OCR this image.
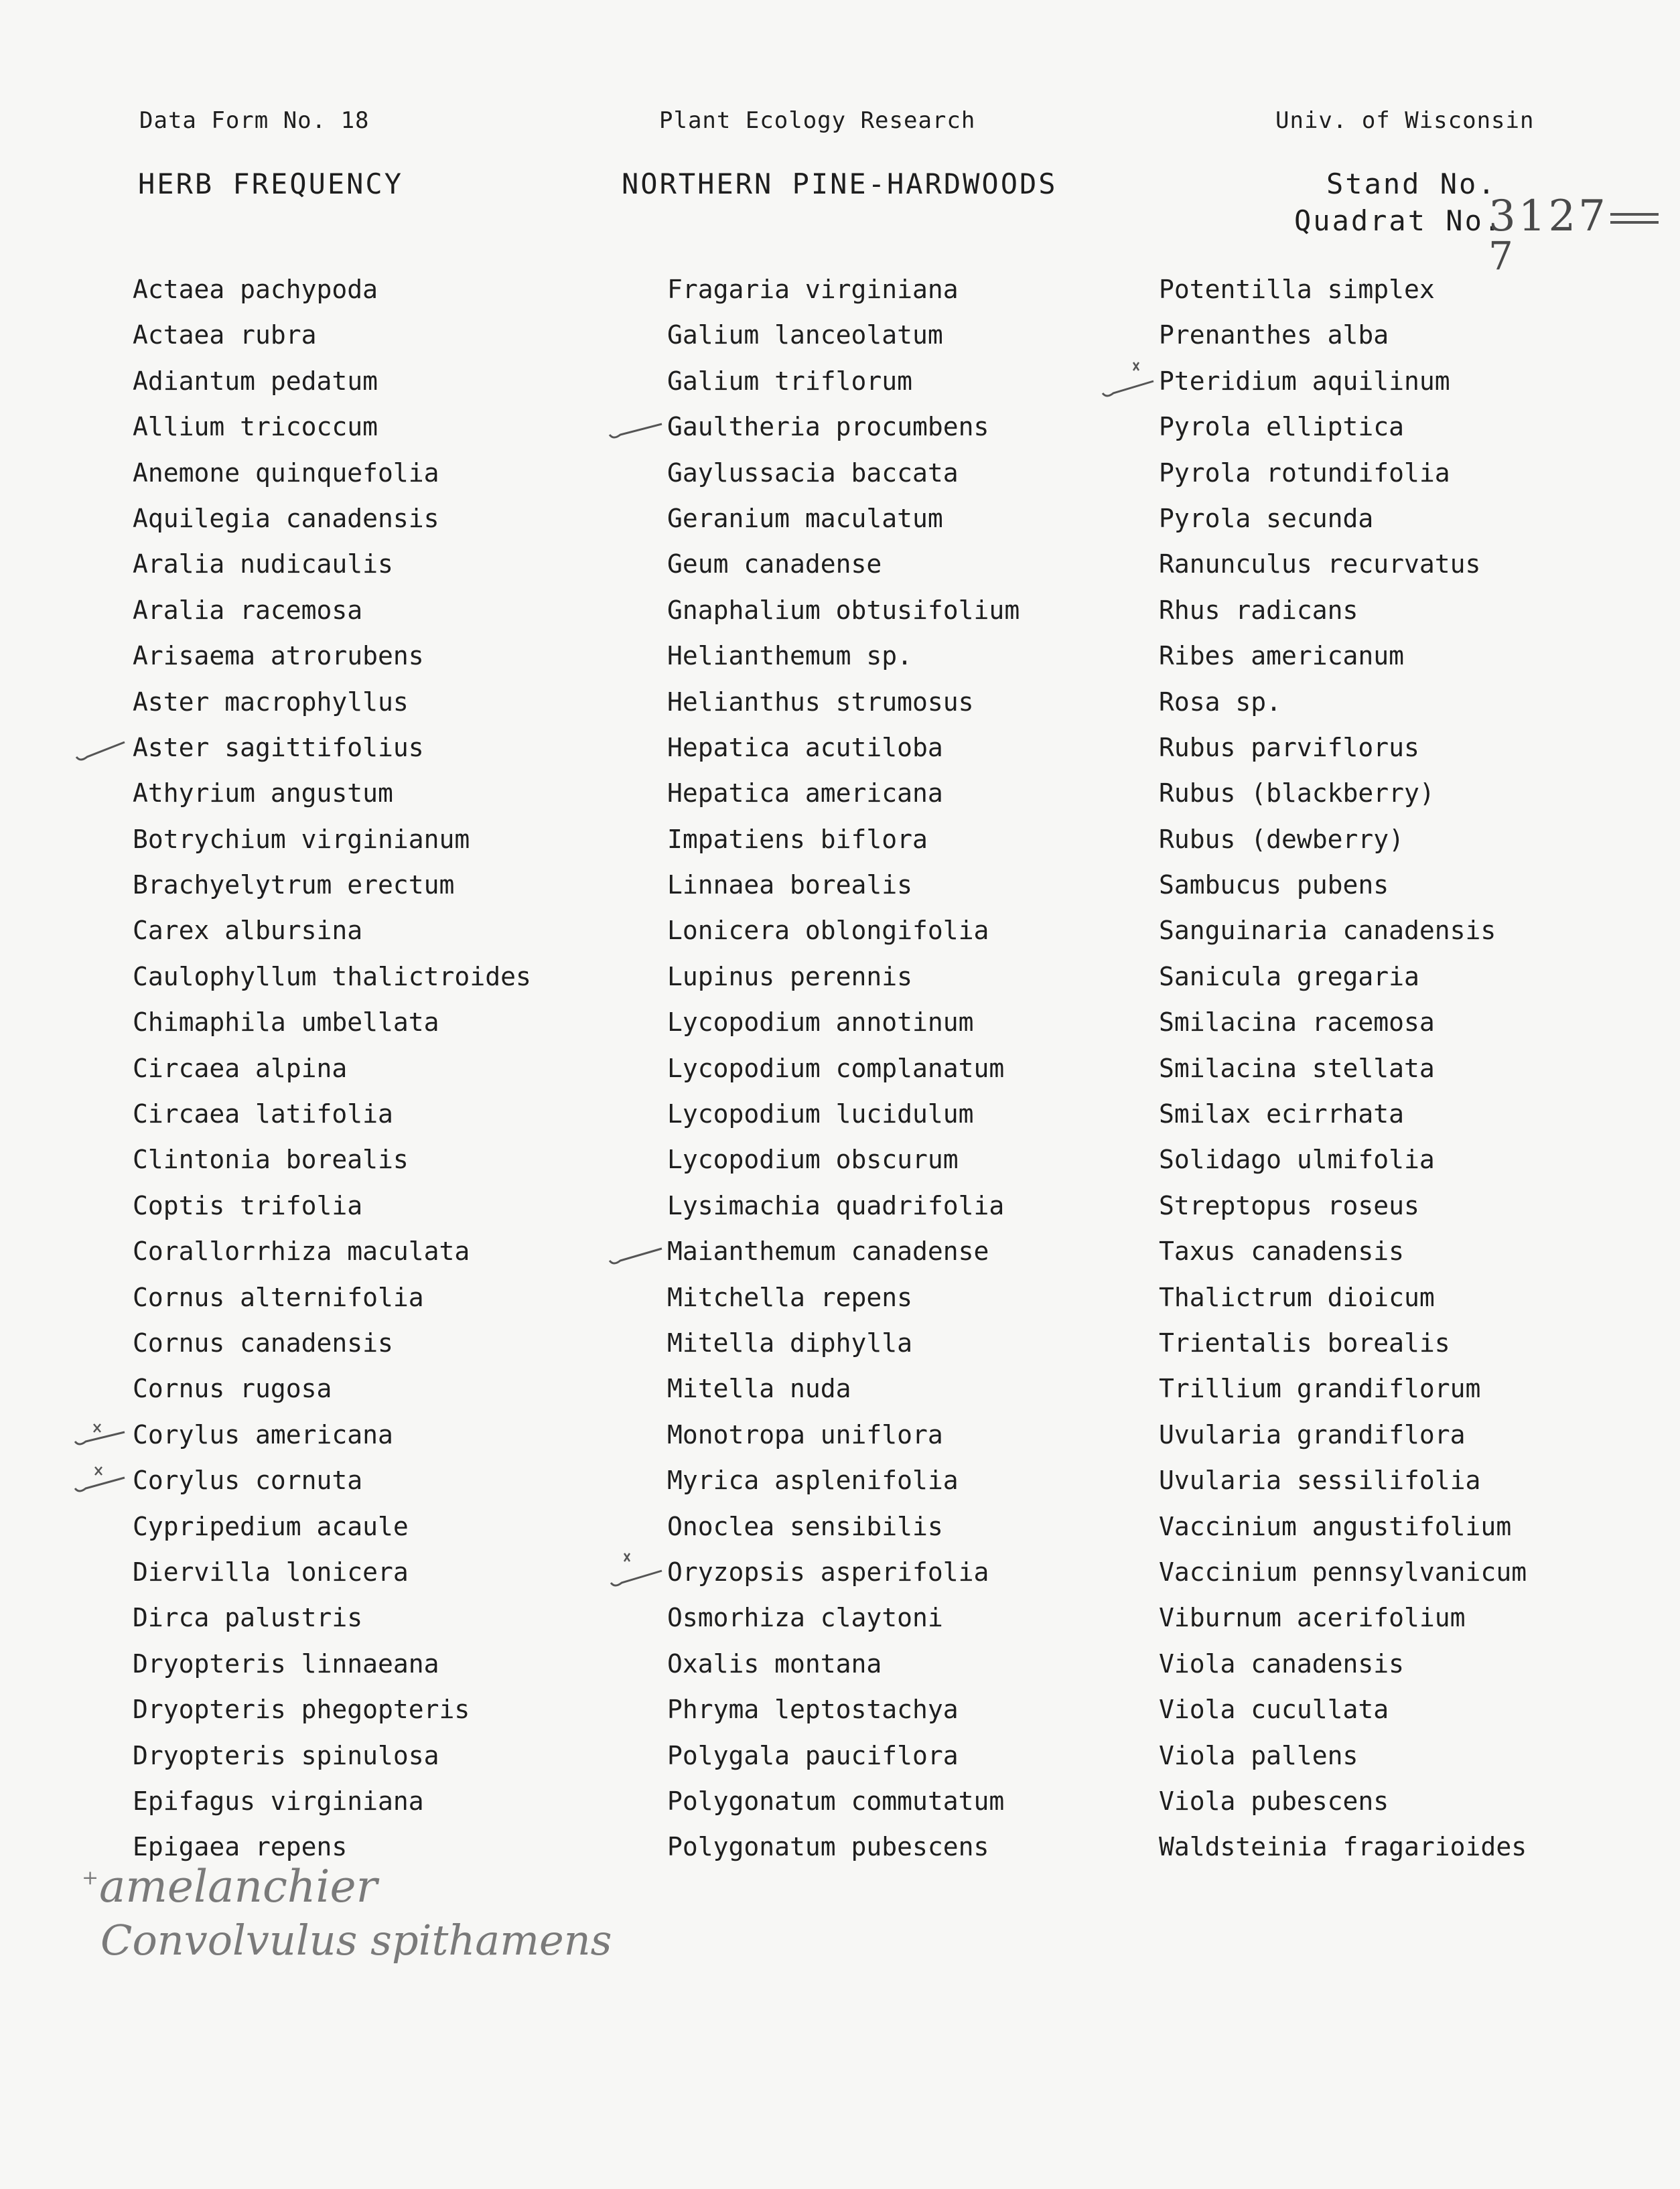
Data Form No. 18	Plant Ecology Research	Univ. of Wisconsin
HERB FREQUENCY	NORTHERN PINE-HARDWOODS	Stand No.
Quadrat No.
3127
7
Actaea pachypoda
Actaea rubra
Adiantum pedatum
Allium tricoccum
Anemone quinquefolia
Aquilegia canadensis
Aralia nudicaulis
Aralia racemosa
Arisaema atrorubens
Aster macrophyllus
Aster sagittifolius
Athyrium angustum
Botrychium virginianum
Brachyelytrum erectum
Carex albursina
Caulophyllum thalictroides
Chimaphila umbellata
Circaea alpina
Circaea latifolia
Clintonia borealis
Coptis trifolia
Corallorrhiza maculata
Cornus alternifolia
Cornus canadensis
Cornus rugosa
Corylus americana
Corylus cornuta
Cypripedium acaule
Diervilla lonicera
Dirca palustris
Dryopteris linnaeana
Dryopteris phegopteris
Dryopteris spinulosa
Epifagus virginiana
Epigaea repens
Fragaria virginiana
Galium lanceolatum
Galium triflorum
Gaultheria procumbens
Gaylussacia baccata
Geranium maculatum
Geum canadense
Gnaphalium obtusifolium
Helianthemum sp.
Helianthus strumosus
Hepatica acutiloba
Hepatica americana
Impatiens biflora
Linnaea borealis
Lonicera oblongifolia
Lupinus perennis
Lycopodium annotinum
Lycopodium complanatum
Lycopodium lucidulum
Lycopodium obscurum
Lysimachia quadrifolia
Maianthemum canadense
Mitchella repens
Mitella diphylla
Mitella nuda
Monotropa uniflora
Myrica asplenifolia
Onoclea sensibilis
Oryzopsis asperifolia
Osmorhiza claytoni
Oxalis montana
Phryma leptostachya
Polygala pauciflora
Polygonatum commutatum
Polygonatum pubescens
Potentilla simplex
Prenanthes alba
Pteridium aquilinum
Pyrola elliptica
Pyrola rotundifolia
Pyrola secunda
Ranunculus recurvatus
Rhus radicans
Ribes americanum
Rosa sp.
Rubus parviflorus
Rubus (blackberry)
Rubus (dewberry)
Sambucus pubens
Sanguinaria canadensis
Sanicula gregaria
Smilacina racemosa
Smilacina stellata
Smilax ecirrhata
Solidago ulmifolia
Streptopus roseus
Taxus canadensis
Thalictrum dioicum
Trientalis borealis
Trillium grandiflorum
Uvularia grandiflora
Uvularia sessilifolia
Vaccinium angustifolium
Vaccinium pennsylvanicum
Viburnum acerifolium
Viola canadensis
Viola cucullata
Viola pallens
Viola pubescens
Waldsteinia fragarioides
+ amelanchier
Convolvulus spithamens
